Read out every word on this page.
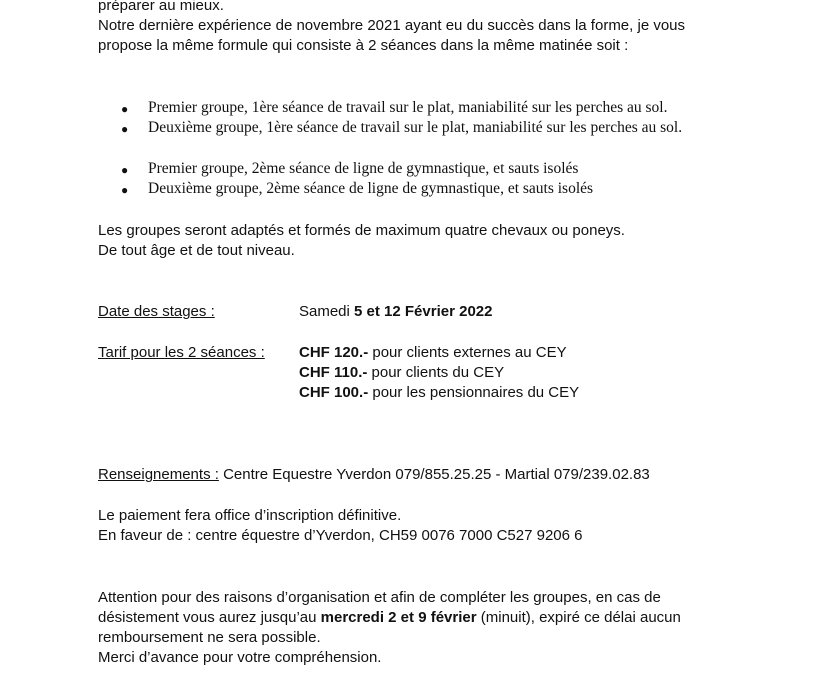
préparer au mieux.
Notre dernière expérience de novembre 2021 ayant eu du succès dans la forme, je vous
propose la même formule qui consiste à 2 séances dans la même matinée soit :
● Premier groupe, 1ère séance de travail sur le plat, maniabilité sur les perches au sol.
● Deuxième groupe, 1ère séance de travail sur le plat, maniabilité sur les perches au sol.
● Premier groupe, 2ème séance de ligne de gymnastique, et sauts isolés
● Deuxième groupe, 2ème séance de ligne de gymnastique, et sauts isolés
Les groupes seront adaptés et formés de maximum quatre chevaux ou poneys.
De tout âge et de tout niveau.
Date des stages :	Samedi 5 et 12 Février 2022
Tarif pour les 2 séances : CHF 120.- pour clients externes au CEY
CHF 110.- pour clients du CEY
CHF 100.- pour les pensionnaires du CEY
Renseignements : Centre Equestre Yverdon 079/855.25.25 - Martial 079/239.02.83
Le paiement fera office d’inscription définitive.
En faveur de : centre équestre d’Yverdon, CH59 0076 7000 C527 9206 6
Attention pour des raisons d’organisation et afin de compléter les groupes, en cas de
désistement vous aurez jusqu’au mercredi 2 et 9 février (minuit), expiré ce délai aucun
remboursement ne sera possible.
Merci d’avance pour votre compréhension.
